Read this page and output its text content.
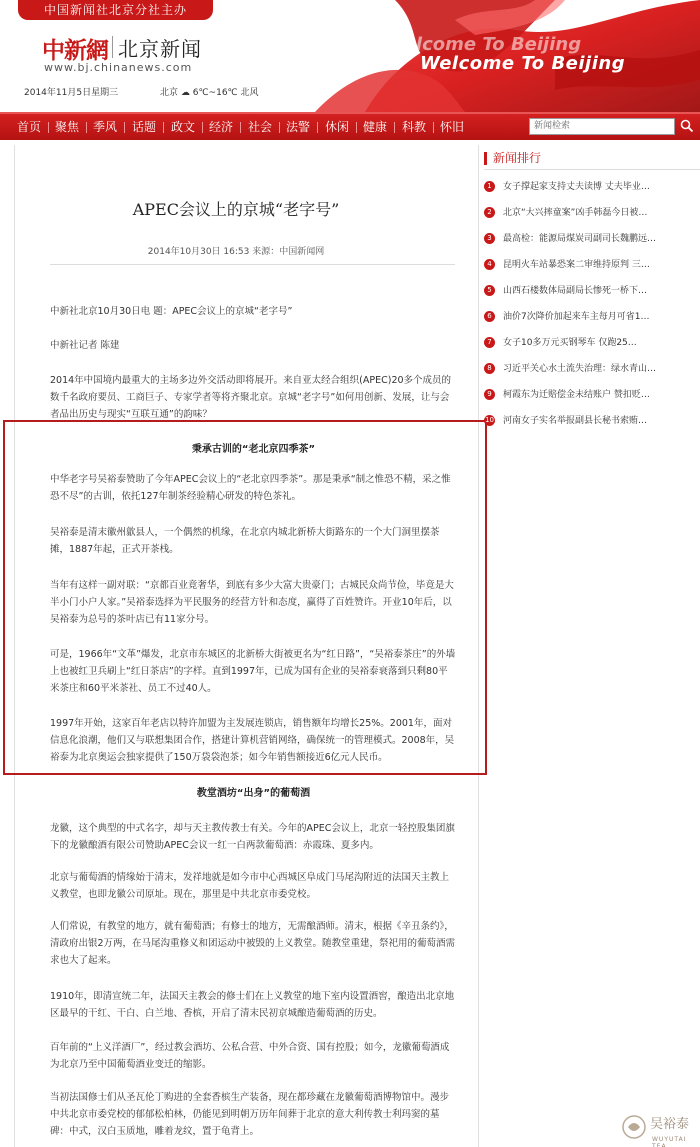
中国新闻社北京分社主办
Welcome To Beijing
Welcome To Beijing
中新網 北京新闻
www.bj.chinanews.com
2014年11月5日星期三	北京 ☁ 6℃~16℃ 北风
首页 聚焦 季风 话题 政文 经济 社会 法警 休闲 健康 科教 怀旧	新闻检索
APEC会议上的京城“老字号”
2014年10月30日 16:53 来源：中国新闻网

中新社北京10月30日电 题：APEC会议上的京城“老字号”

中新社记者 陈建

2014年中国境内最重大的主场多边外交活动即将展开。来自亚太经合组织(APEC)20多个成员的数千名政府要员、工商巨子、专家学者等将齐聚北京。京城“老字号”如何用创新、发展，让与会者品出历史与现实“互联互通”的韵味？

秉承古训的“老北京四季茶”

中华老字号吴裕泰赞助了今年APEC会议上的“老北京四季茶”。那是秉承“制之惟恐不精，采之惟恐不尽”的古训，依托127年制茶经验精心研发的特色茶礼。

吴裕泰是清末徽州歙县人，一个偶然的机缘，在北京内城北新桥大街路东的一个大门洞里摆茶摊，1887年起，正式开茶栈。

当年有这样一副对联：“京都百业竟奢华，到底有多少大富大贵豪门；古城民众尚节俭，毕竟是大半小门小户人家。”吴裕泰选择为平民服务的经营方针和态度，赢得了百姓赞许。开业10年后，以吴裕泰为总号的茶叶店已有11家分号。

可是，1966年“文革”爆发，北京市东城区的北新桥大街被更名为“红日路”，“吴裕泰茶庄”的外墙上也被红卫兵刷上“红日茶店”的字样。直到1997年，已成为国有企业的吴裕泰衰落到只剩80平米茶庄和60平米茶社、员工不过40人。

1997年开始，这家百年老店以特许加盟为主发展连锁店，销售额年均增长25%。2001年，面对信息化浪潮，他们又与联想集团合作，搭建计算机营销网络，确保统一的管理模式。2008年，吴裕泰为北京奥运会独家提供了150万袋袋泡茶；如今年销售额接近6亿元人民币。

教堂酒坊“出身”的葡萄酒

龙徽，这个典型的中式名字，却与天主教传教士有关。今年的APEC会议上，北京一轻控股集团旗下的龙徽酿酒有限公司赞助APEC会议一红一白两款葡萄酒：赤霞珠、夏多内。

北京与葡萄酒的情缘始于清末，发祥地就是如今市中心西城区阜成门马尾沟附近的法国天主教上义教堂，也即龙徽公司原址。现在，那里是中共北京市委党校。

人们常说，有教堂的地方，就有葡萄酒；有修士的地方，无需酿酒师。清末，根据《辛丑条约》，清政府出银2万两，在马尾沟重修义和团运动中被毁的上义教堂。随教堂重建，祭祀用的葡萄酒需求也大了起来。

1910年，即清宣统二年，法国天主教会的修士们在上义教堂的地下室内设置酒窖，酿造出北京地区最早的干红、干白、白兰地、香槟，开启了清末民初京城酿造葡萄酒的历史。

百年前的“上义洋酒厂”，经过教会酒坊、公私合营、中外合资、国有控股；如今，龙徽葡萄酒成为北京乃至中国葡萄酒业变迁的缩影。

当初法国修士们从圣瓦伦丁购进的全套香槟生产装备，现在都珍藏在龙徽葡萄酒博物馆中。漫步中共北京市委党校的郁郁松柏林，仍能见到明朝万历年间葬于北京的意大利传教士利玛窦的墓碑：中式，汉白玉质地，雕着龙纹，置于龟背上。

新闻排行
1	女子撑起家支持丈夫读博 丈夫毕业…
2	北京“大兴摔童案”凶手韩磊今日被…
3	最高检：能源局煤炭司副司长魏鹏远…
4	昆明火车站暴恐案二审维持原判 三…
5	山西石楼数体局副局长惨死一桥下…
6	油价7次降价加起来车主每月可省1…
7	女子10多万元买钢琴车 仅跑25…
8	习近平关心水土流失治理：绿水青山…
9	柯霞东为迁赔偿金未结账户 赞扣贬…
10 河南女子实名举报副县长秘书索贿…
吴裕泰
WUYUTAI TEA
